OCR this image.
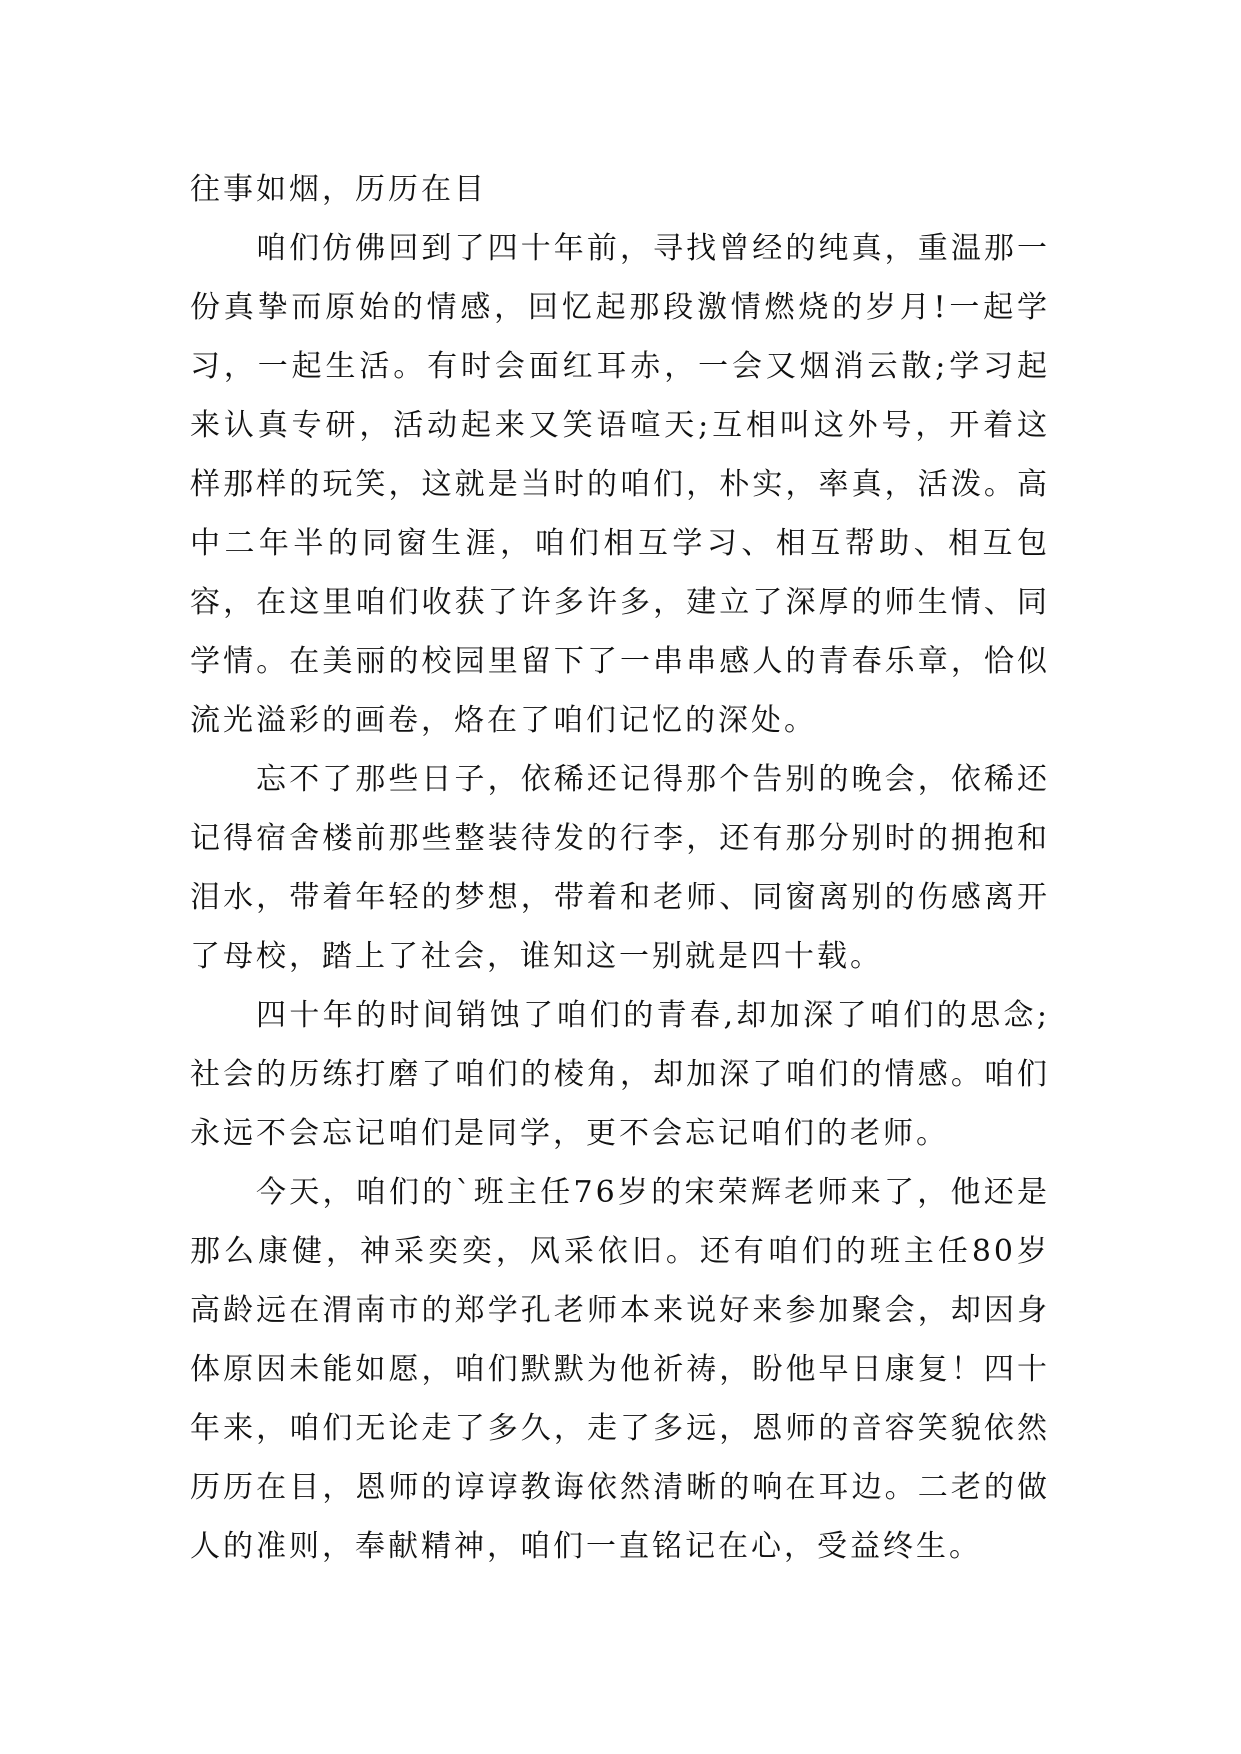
往事如烟，历历在目

咱们仿佛回到了四十年前，寻找曾经的纯真，重温那一份真挚而原始的情感，回忆起那段激情燃烧的岁月!一起学习，一起生活。有时会面红耳赤，一会又烟消云散;学习起来认真专研，活动起来又笑语喧天;互相叫这外号，开着这样那样的玩笑，这就是当时的咱们，朴实，率真，活泼。高中二年半的同窗生涯，咱们相互学习、相互帮助、相互包容，在这里咱们收获了许多许多，建立了深厚的师生情、同学情。在美丽的校园里留下了一串串感人的青春乐章，恰似流光溢彩的画卷，烙在了咱们记忆的深处。

忘不了那些日子，依稀还记得那个告别的晚会，依稀还记得宿舍楼前那些整装待发的行李，还有那分别时的拥抱和泪水，带着年轻的梦想，带着和老师、同窗离别的伤感离开了母校，踏上了社会，谁知这一别就是四十载。

四十年的时间销蚀了咱们的青春,却加深了咱们的思念;社会的历练打磨了咱们的棱角，却加深了咱们的情感。咱们永远不会忘记咱们是同学，更不会忘记咱们的老师。

今天，咱们的`班主任76岁的宋荣辉老师来了，他还是那么康健，神采奕奕，风采依旧。还有咱们的班主任80岁高龄远在渭南市的郑学孔老师本来说好来参加聚会，却因身体原因未能如愿，咱们默默为他祈祷，盼他早日康复！四十年来，咱们无论走了多久，走了多远，恩师的音容笑貌依然历历在目，恩师的谆谆教诲依然清晰的响在耳边。二老的做人的准则，奉献精神，咱们一直铭记在心，受益终生。
